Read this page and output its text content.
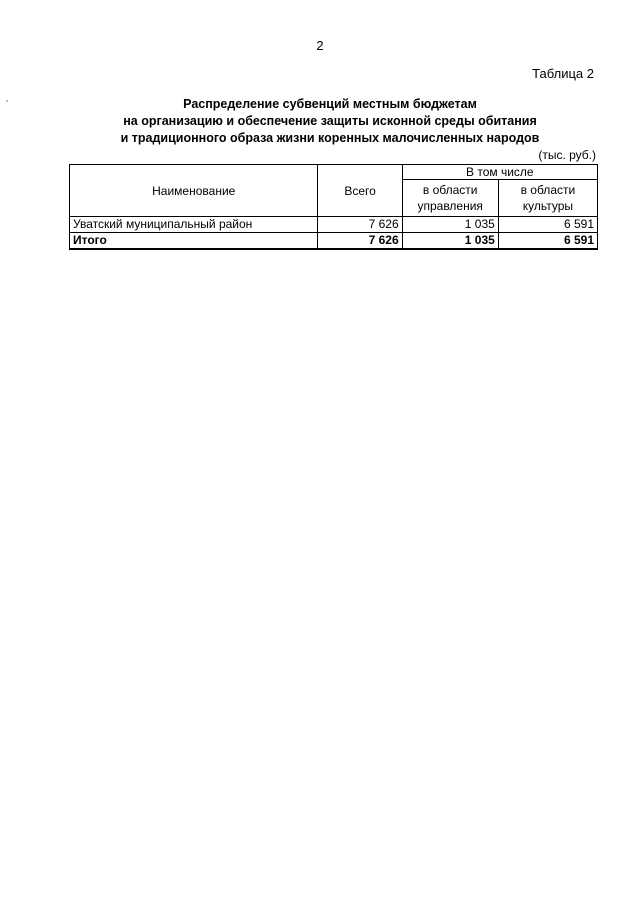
2
Таблица 2
Распределение субвенций местным бюджетам
на организацию и обеспечение защиты исконной среды обитания
и традиционного образа жизни коренных малочисленных народов
(тыс. руб.)
Наименование	Всего	В том числе	
		в области управления	в области культуры
Уватский муниципальный район	7 626	1 035	6 591
Итого	7 626	1 035	6 591
